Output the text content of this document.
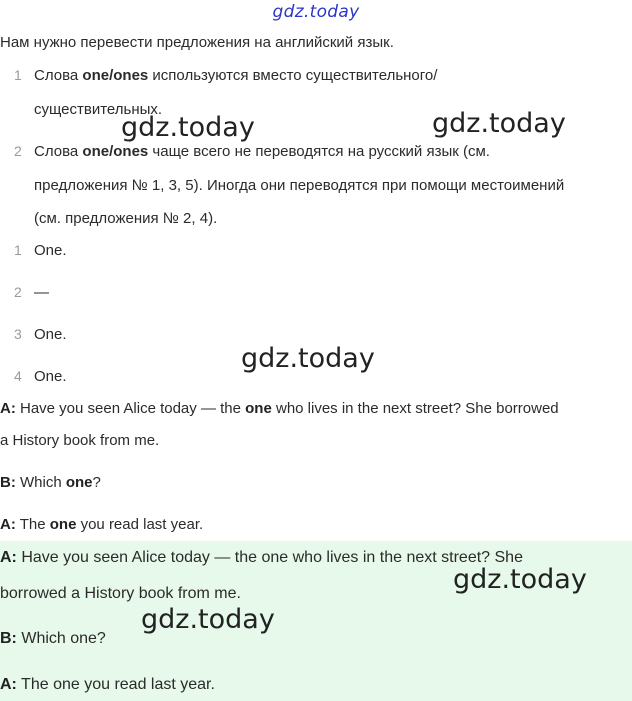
gdz.today
Нам нужно перевести предложения на английский язык.
1 Слова one/ones используются вместо существительного/
существительных.
2 Слова one/ones чаще всего не переводятся на русский язык (см.
предложения № 1, 3, 5). Иногда они переводятся при помощи местоимений
(см. предложения № 2, 4).
1 One.
2 —
3 One.
4 One.
A: Have you seen Alice today — the one who lives in the next street? She borrowed
a History book from me.
B: Which one?
A: The one you read last year.
A: Have you seen Alice today — the one who lives in the next street? She
borrowed a History book from me.
B: Which one?
A: The one you read last year.
gdz.today	gdz.today
gdz.today
gdz.today
gdz.today
